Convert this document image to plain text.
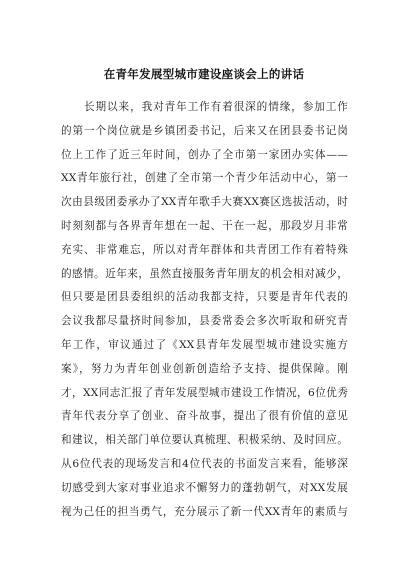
在青年发展型城市建设座谈会上的讲话
　　长期以来，我对青年工作有着很深的情缘，参加工作
的第一个岗位就是乡镇团委书记，后来又在团县委书记岗
位上工作了近三年时间，创办了全市第一家团办实体——
XX青年旅行社，创建了全市第一个青少年活动中心，第一
次由县级团委承办了XX青年歌手大赛XX赛区选拔活动，时
时刻刻都与各界青年想在一起、干在一起，那段岁月非常
充实、非常难忘，所以对青年群体和共青团工作有着特殊
的感情。近年来，虽然直接服务青年朋友的机会相对减少，
但只要是团县委组织的活动我都支持，只要是青年代表的
会议我都尽量挤时间参加，县委常委会多次听取和研究青
年工作，审议通过了《XX县青年发展型城市建设实施方
案》，努力为青年创业创新创造给予支持、提供保障。刚
才，XX同志汇报了青年发展型城市建设工作情况，6位优秀
青年代表分享了创业、奋斗故事，提出了很有价值的意见
和建议，相关部门单位要认真梳理、积极采纳、及时回应。
从6位代表的现场发言和4位代表的书面发言来看，能够深
切感受到大家对事业追求不懈努力的蓬勃朝气，对XX发展
视为己任的担当勇气，充分展示了新一代XX青年的素质与
